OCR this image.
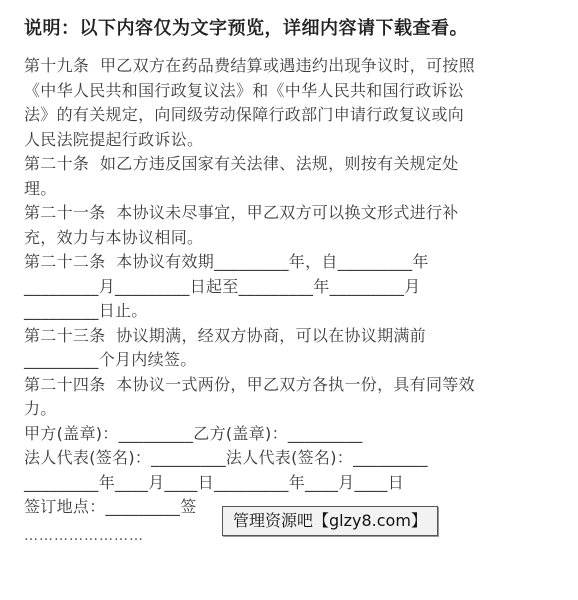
说明：以下内容仅为文字预览，详细内容请下载查看。
第十九条  甲乙双方在药品费结算或遇违约出现争议时，可按照
《中华人民共和国行政复议法》和《中华人民共和国行政诉讼
法》的有关规定，向同级劳动保障行政部门申请行政复议或向
人民法院提起行政诉讼。
第二十条  如乙方违反国家有关法律、法规，则按有关规定处
理。
第二十一条  本协议未尽事宜，甲乙双方可以换文形式进行补
充，效力与本协议相同。
第二十二条  本协议有效期_________年，自_________年
_________月_________日起至_________年_________月
_________日止。
第二十三条  协议期满，经双方协商，可以在协议期满前
_________个月内续签。
第二十四条  本协议一式两份，甲乙双方各执一份，具有同等效
力。
甲方(盖章)：_________乙方(盖章)：_________
法人代表(签名)：_________法人代表(签名)：_________
_________年____月____日_________年____月____日
签订地点：_________签
……………………
管理资源吧【glzy8.com】
